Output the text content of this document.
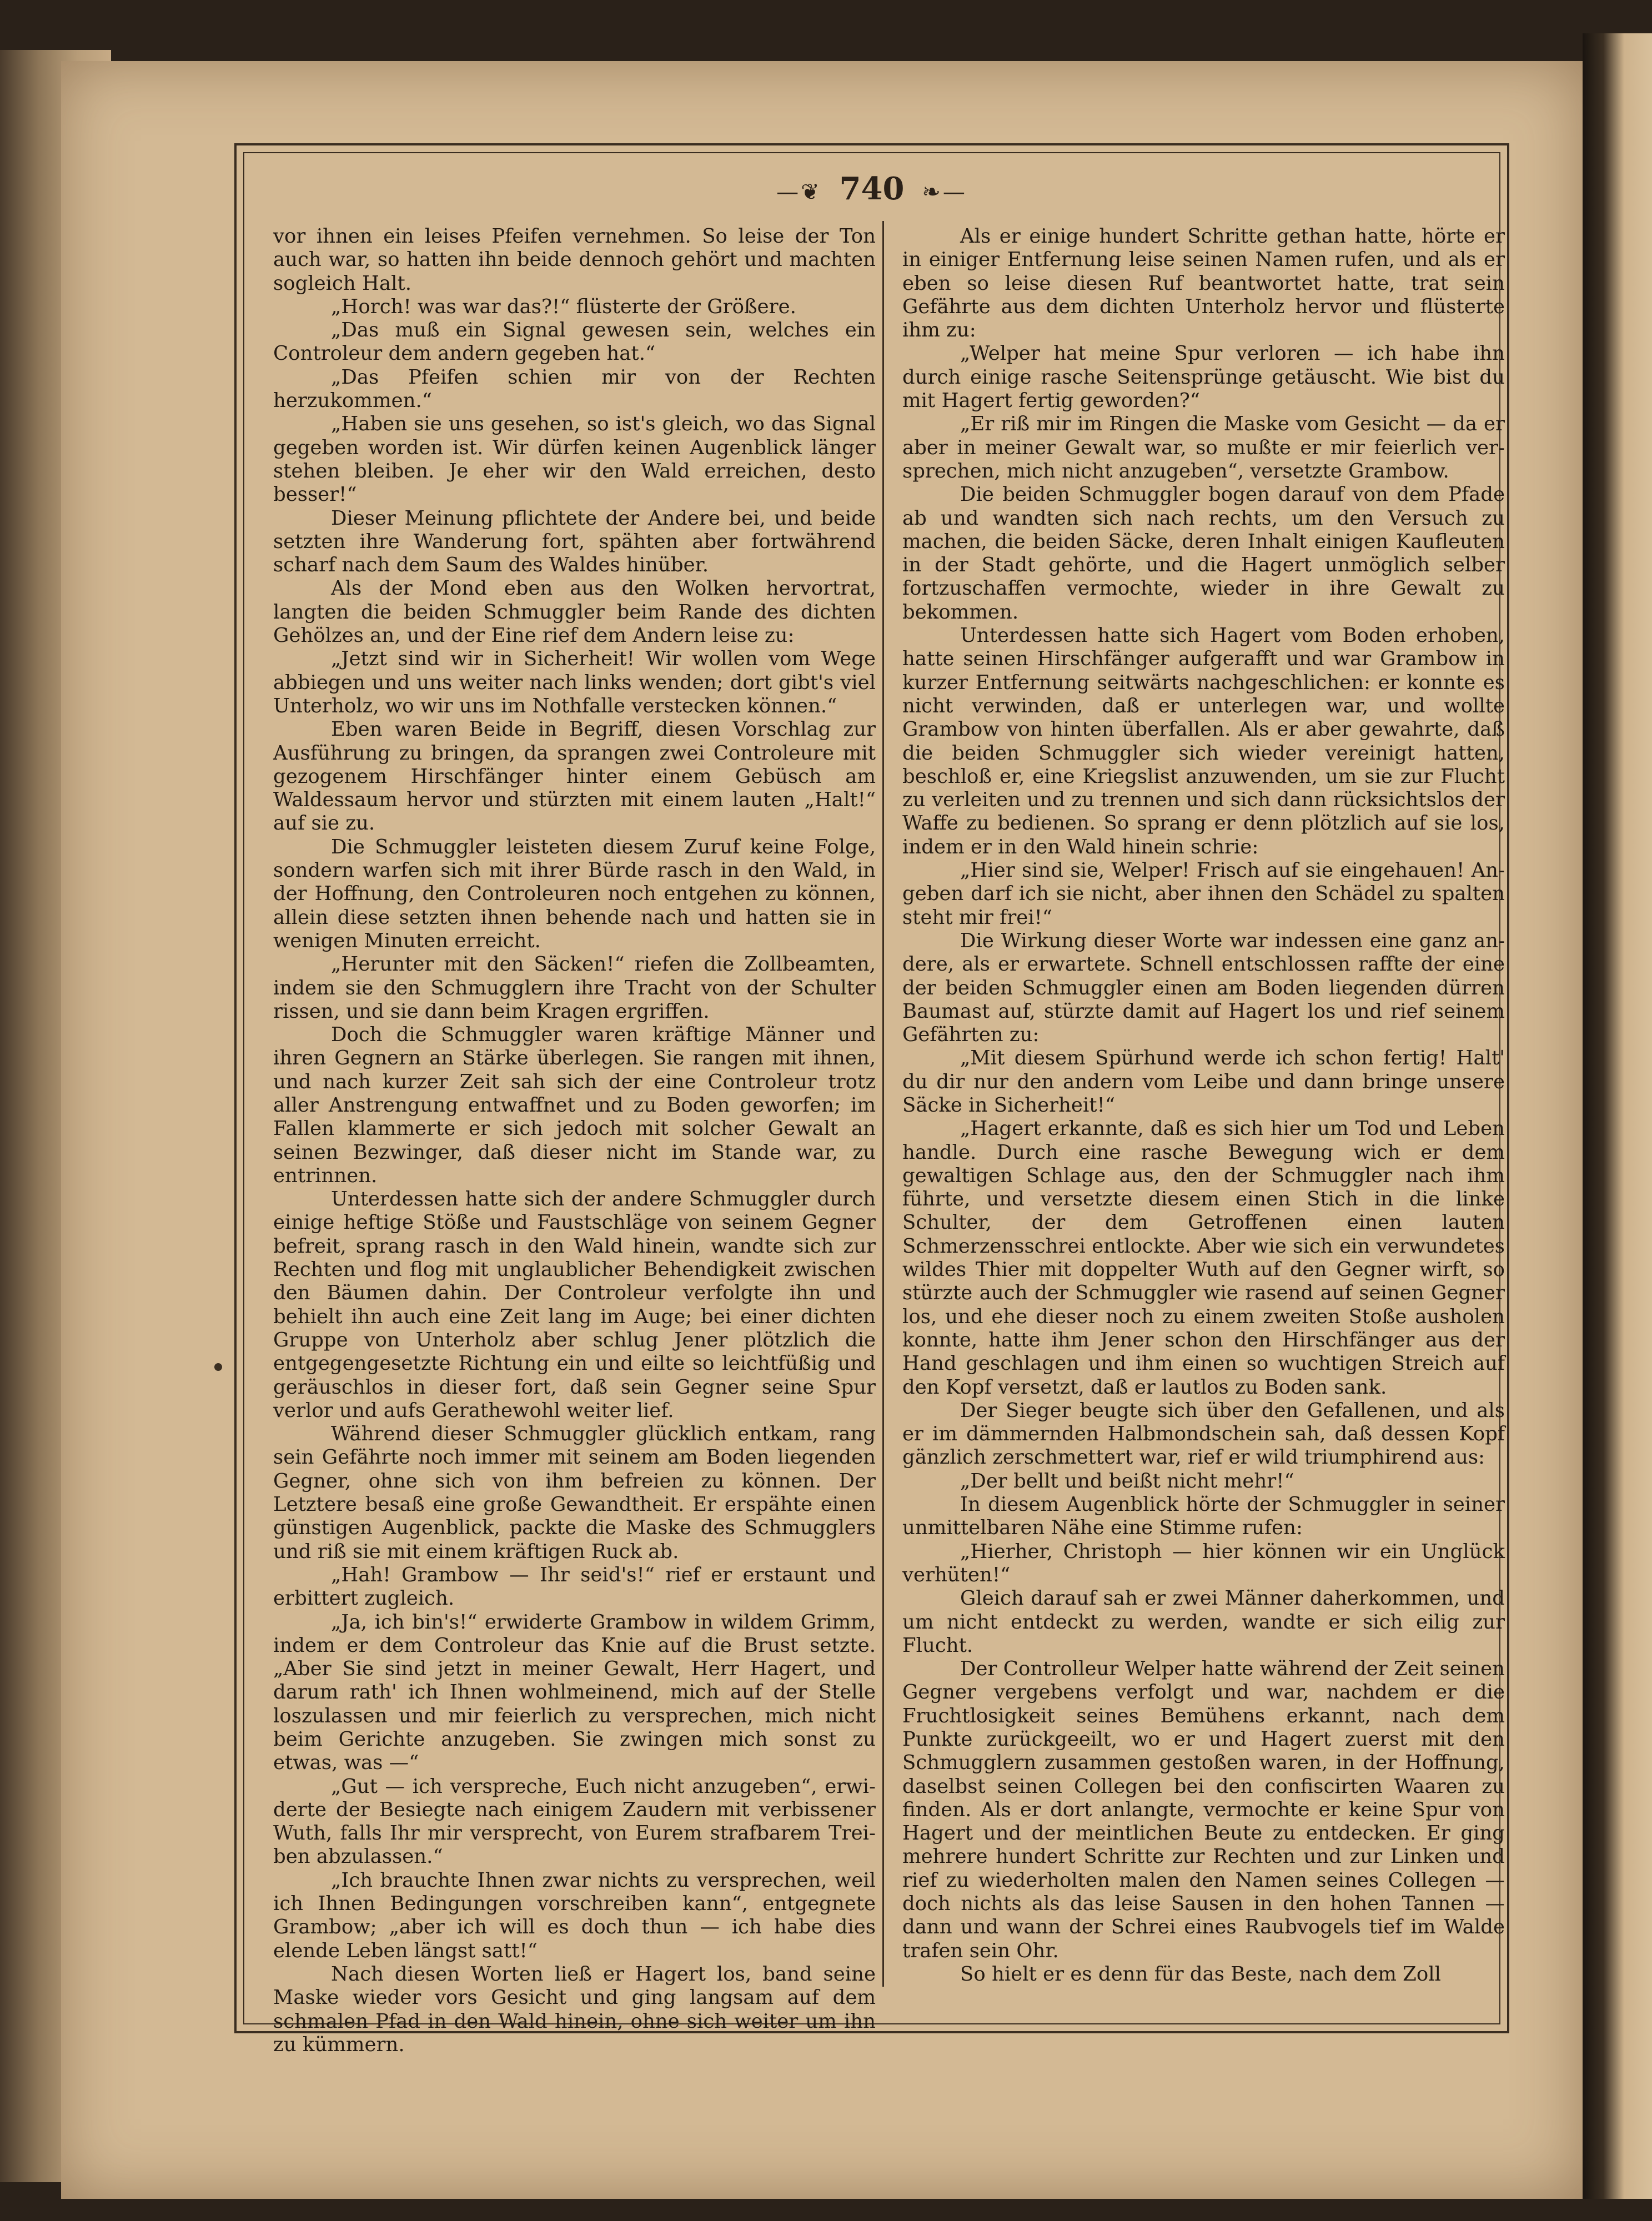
—❦ 740 ❧—

vor ihnen ein leises Pfeifen vernehmen. So leise der Ton auch war, so hatten ihn beide dennoch gehört und machten sogleich Halt.

„Horch! was war das?!“ flüsterte der Größere.

„Das muß ein Signal gewesen sein, welches ein Controleur dem andern gegeben hat.“

„Das Pfeifen schien mir von der Rechten herzukommen.“

„Haben sie uns gesehen, so ist's gleich, wo das Signal gegeben worden ist. Wir dürfen keinen Augenblick länger stehen bleiben. Je eher wir den Wald erreichen, desto besser!“

Dieser Meinung pflichtete der Andere bei, und beide setzten ihre Wanderung fort, spähten aber fortwährend scharf nach dem Saum des Waldes hinüber.

Als der Mond eben aus den Wolken hervortrat, langten die beiden Schmuggler beim Rande des dichten Gehölzes an, und der Eine rief dem Andern leise zu:

„Jetzt sind wir in Sicherheit! Wir wollen vom Wege abbiegen und uns weiter nach links wenden; dort gibt's viel Unterholz, wo wir uns im Nothfalle verstecken können.“

Eben waren Beide in Begriff, diesen Vorschlag zur Ausführung zu bringen, da sprangen zwei Controleure mit gezogenem Hirschfänger hinter einem Gebüsch am Waldessaum hervor und stürzten mit einem lauten „Halt!“ auf sie zu.

Die Schmuggler leisteten diesem Zuruf keine Folge, sondern warfen sich mit ihrer Bürde rasch in den Wald, in der Hoffnung, den Controleuren noch entgehen zu können, allein diese setzten ihnen behende nach und hatten sie in wenigen Minuten erreicht.

„Herunter mit den Säcken!“ riefen die Zollbeamten, indem sie den Schmugglern ihre Tracht von der Schulter rissen, und sie dann beim Kragen ergriffen.

Doch die Schmuggler waren kräftige Männer und ihren Gegnern an Stärke überlegen. Sie rangen mit ihnen, und nach kurzer Zeit sah sich der eine Controleur trotz aller Anstrengung entwaffnet und zu Boden geworfen; im Fallen klammerte er sich jedoch mit solcher Gewalt an seinen Bezwinger, daß dieser nicht im Stande war, zu entrinnen.

Unterdessen hatte sich der andere Schmuggler durch einige heftige Stöße und Faustschläge von seinem Gegner befreit, sprang rasch in den Wald hinein, wandte sich zur Rechten und flog mit unglaublicher Behendigkeit zwischen den Bäumen dahin. Der Controleur verfolgte ihn und behielt ihn auch eine Zeit lang im Auge; bei einer dichten Gruppe von Unterholz aber schlug Jener plötzlich die entgegengesetzte Richtung ein und eilte so leichtfüßig und geräuschlos in dieser fort, daß sein Gegner seine Spur verlor und aufs Gerathewohl weiter lief.

Während dieser Schmuggler glücklich entkam, rang sein Gefährte noch immer mit seinem am Boden liegenden Gegner, ohne sich von ihm befreien zu können. Der Letztere besaß eine große Gewandtheit. Er erspähte einen günstigen Augenblick, packte die Maske des Schmugglers und riß sie mit einem kräftigen Ruck ab.

„Hah! Grambow — Ihr seid's!“ rief er erstaunt und erbittert zugleich.

„Ja, ich bin's!“ erwiderte Grambow in wildem Grimm, indem er dem Controleur das Knie auf die Brust setzte. „Aber Sie sind jetzt in meiner Gewalt, Herr Hagert, und darum rath' ich Ihnen wohlmeinend, mich auf der Stelle loszulassen und mir feierlich zu versprechen, mich nicht beim Gerichte anzugeben. Sie zwingen mich sonst zu etwas, was —“

„Gut — ich verspreche, Euch nicht anzugeben“, erwiderte der Besiegte nach einigem Zaudern mit verbissener Wuth, falls Ihr mir versprecht, von Eurem strafbarem Treiben abzulassen.“

„Ich brauchte Ihnen zwar nichts zu versprechen, weil ich Ihnen Bedingungen vorschreiben kann“, entgegnete Grambow; „aber ich will es doch thun — ich habe dies elende Leben längst satt!“

Nach diesen Worten ließ er Hagert los, band seine Maske wieder vors Gesicht und ging langsam auf dem schmalen Pfad in den Wald hinein, ohne sich weiter um ihn zu kümmern.

Als er einige hundert Schritte gethan hatte, hörte er in einiger Entfernung leise seinen Namen rufen, und als er eben so leise diesen Ruf beantwortet hatte, trat sein Gefährte aus dem dichten Unterholz hervor und flüsterte ihm zu:

„Welper hat meine Spur verloren — ich habe ihn durch einige rasche Seitensprünge getäuscht. Wie bist du mit Hagert fertig geworden?“

„Er riß mir im Ringen die Maske vom Gesicht — da er aber in meiner Gewalt war, so mußte er mir feierlich versprechen, mich nicht anzugeben“, versetzte Grambow.

Die beiden Schmuggler bogen darauf von dem Pfade ab und wandten sich nach rechts, um den Versuch zu machen, die beiden Säcke, deren Inhalt einigen Kaufleuten in der Stadt gehörte, und die Hagert unmöglich selber fortzuschaffen vermochte, wieder in ihre Gewalt zu bekommen.

Unterdessen hatte sich Hagert vom Boden erhoben, hatte seinen Hirschfänger aufgerafft und war Grambow in kurzer Entfernung seitwärts nachgeschlichen: er konnte es nicht verwinden, daß er unterlegen war, und wollte Grambow von hinten überfallen. Als er aber gewahrte, daß die beiden Schmuggler sich wieder vereinigt hatten, beschloß er, eine Kriegslist anzuwenden, um sie zur Flucht zu verleiten und zu trennen und sich dann rücksichtslos der Waffe zu bedienen. So sprang er denn plötzlich auf sie los, indem er in den Wald hinein schrie:

„Hier sind sie, Welper! Frisch auf sie eingehauen! Angeben darf ich sie nicht, aber ihnen den Schädel zu spalten steht mir frei!“

Die Wirkung dieser Worte war indessen eine ganz andere, als er erwartete. Schnell entschlossen raffte der eine der beiden Schmuggler einen am Boden liegenden dürren Baumast auf, stürzte damit auf Hagert los und rief seinem Gefährten zu:

„Mit diesem Spürhund werde ich schon fertig! Halt' du dir nur den andern vom Leibe und dann bringe unsere Säcke in Sicherheit!“

„Hagert erkannte, daß es sich hier um Tod und Leben handle. Durch eine rasche Bewegung wich er dem gewaltigen Schlage aus, den der Schmuggler nach ihm führte, und versetzte diesem einen Stich in die linke Schulter, der dem Getroffenen einen lauten Schmerzensschrei entlockte. Aber wie sich ein verwundetes wildes Thier mit doppelter Wuth auf den Gegner wirft, so stürzte auch der Schmuggler wie rasend auf seinen Gegner los, und ehe dieser noch zu einem zweiten Stoße ausholen konnte, hatte ihm Jener schon den Hirschfänger aus der Hand geschlagen und ihm einen so wuchtigen Streich auf den Kopf versetzt, daß er lautlos zu Boden sank.

Der Sieger beugte sich über den Gefallenen, und als er im dämmernden Halbmondschein sah, daß dessen Kopf gänzlich zerschmettert war, rief er wild triumphirend aus:

„Der bellt und beißt nicht mehr!“

In diesem Augenblick hörte der Schmuggler in seiner unmittelbaren Nähe eine Stimme rufen:

„Hierher, Christoph — hier können wir ein Unglück verhüten!“

Gleich darauf sah er zwei Männer daherkommen, und um nicht entdeckt zu werden, wandte er sich eilig zur Flucht.

Der Controlleur Welper hatte während der Zeit seinen Gegner vergebens verfolgt und war, nachdem er die Fruchtlosigkeit seines Bemühens erkannt, nach dem Punkte zurückgeeilt, wo er und Hagert zuerst mit den Schmugglern zusammen gestoßen waren, in der Hoffnung, daselbst seinen Collegen bei den confiscirten Waaren zu finden. Als er dort anlangte, vermochte er keine Spur von Hagert und der meintlichen Beute zu entdecken. Er ging mehrere hundert Schritte zur Rechten und zur Linken und rief zu wiederholten malen den Namen seines Collegen — doch nichts als das leise Sausen in den hohen Tannen — dann und wann der Schrei eines Raubvogels tief im Walde trafen sein Ohr.

So hielt er es denn für das Beste, nach dem Zoll
